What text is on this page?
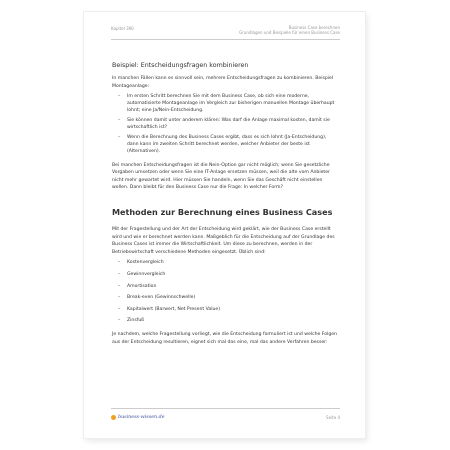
Kapitel 390	Business Case berechnen
Grundlagen und Beispiele für einen Business Case
Beispiel: Entscheidungsfragen kombinieren

In manchen Fällen kann es sinnvoll sein, mehrere Entscheidungsfragen zu kombinieren. Beispiel Montageanlage:

– Im ersten Schritt berechnen Sie mit dem Business Case, ob sich eine moderne, automatisierte Montageanlage im Vergleich zur bisherigen manuellen Montage überhaupt lohnt; eine Ja/Nein-Entscheidung.
– Sie können damit unter anderem klären: Was darf die Anlage maximal kosten, damit sie wirtschaftlich ist?
– Wenn die Berechnung des Business Cases ergibt, dass es sich lohnt (Ja-Entscheidung), dann kann im zweiten Schritt berechnet werden, welcher Anbieter der beste ist (Alternativen).

Bei manchen Entscheidungsfragen ist die Nein-Option gar nicht möglich; wenn Sie gesetzliche Vorgaben umsetzen oder wenn Sie eine IT-Anlage ersetzen müssen, weil die alte vom Anbieter nicht mehr gewartet wird. Hier müssen Sie handeln, wenn Sie das Geschäft nicht einstellen wollen. Dann bleibt für den Business Case nur die Frage: In welcher Form?

Methoden zur Berechnung eines Business Cases

Mit der Fragestellung und der Art der Entscheidung wird geklärt, wie der Business Case erstellt wird und wie er berechnet werden kann. Maßgeblich für die Entscheidung auf der Grundlage des Business Cases ist immer die Wirtschaftlichkeit. Um diese zu berechnen, werden in der Betriebswirtschaft verschiedene Methoden eingesetzt. Üblich sind:

– Kostenvergleich
– Gewinnvergleich
– Amortisation
– Break-even (Gewinnschwelle)
– Kapitalwert (Barwert, Net Present Value)
– Zinsfuß

Je nachdem, welche Fragestellung vorliegt, wie die Entscheidung formuliert ist und welche Folgen aus der Entscheidung resultieren, eignet sich mal das eine, mal das andere Verfahren besser:

business-wissen.de	Seite 4
